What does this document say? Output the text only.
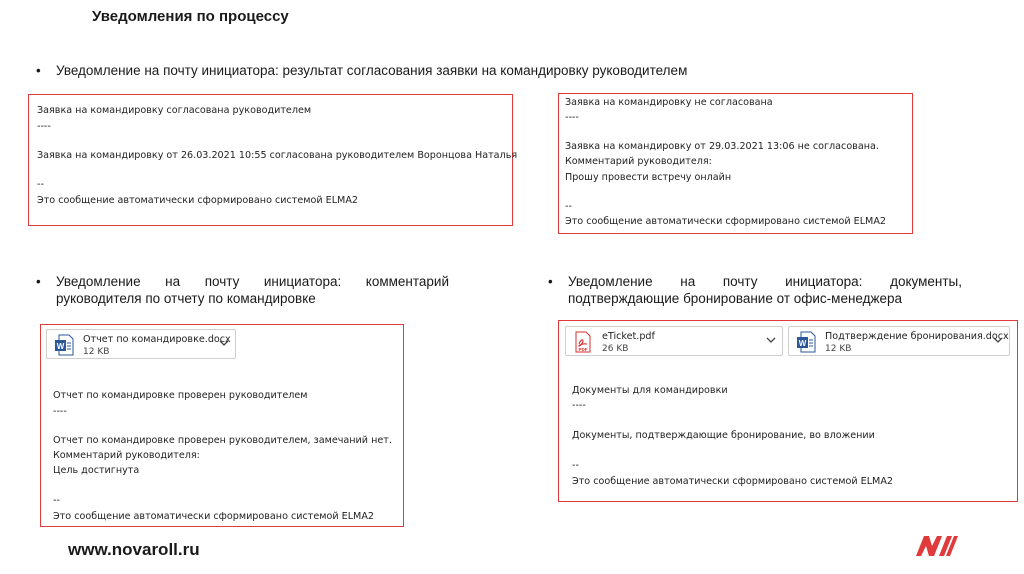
Уведомления по процессу
• Уведомление на почту инициатора: результат согласования заявки на командировку руководителем
Заявка на командировку согласована руководителем
----
Заявка на командировку от 26.03.2021 10:55 согласована руководителем Воронцова Наталья
--
Это сообщение автоматически сформировано системой ELMA2
Заявка на командировку не согласована
----
Заявка на командировку от 29.03.2021 13:06 не согласована.
Комментарий руководителя:
Прошу провести встречу онлайн
--
Это сообщение автоматически сформировано системой ELMA2
• Уведомление на почту инициатора: комментарий
руководителя по отчету по командировке
• Уведомление на почту инициатора: документы,
подтверждающие бронирование от офис-менеджера
W
Отчет по командировке.docx
12 KB
Отчет по командировке проверен руководителем
----
Отчет по командировке проверен руководителем, замечаний нет.
Комментарий руководителя:
Цель достигнута
--
Это сообщение автоматически сформировано системой ELMA2
PDF
eTicket.pdf
26 KB
W
Подтверждение бронирования.docx
12 KB
Документы для командировки
----
Документы, подтверждающие бронирование, во вложении
--
Это сообщение автоматически сформировано системой ELMA2
www.novaroll.ru
